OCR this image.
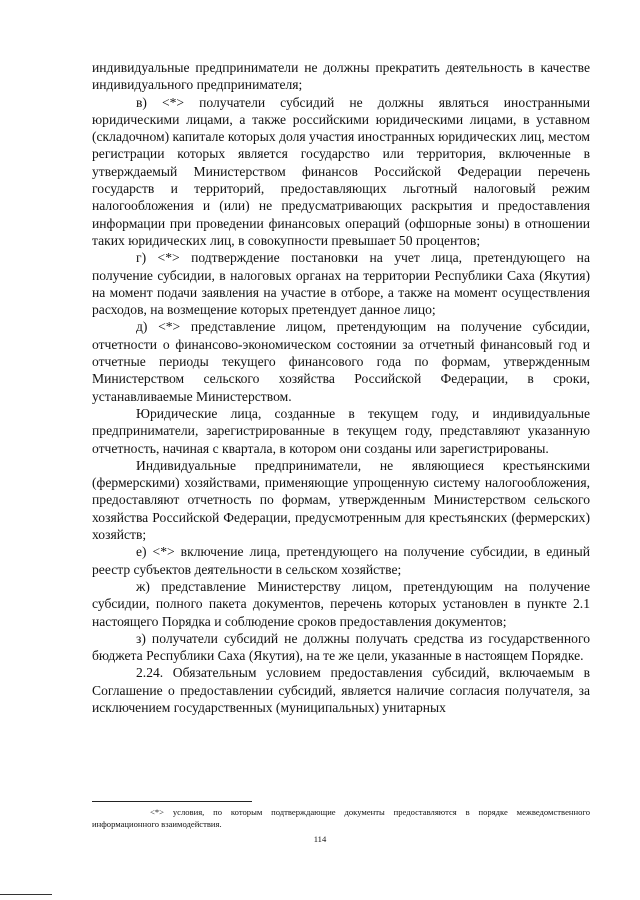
индивидуальные предприниматели не должны прекратить деятельность в качестве индивидуального предпринимателя;

в) <*> получатели субсидий не должны являться иностранными юридическими лицами, а также российскими юридическими лицами, в уставном (складочном) капитале которых доля участия иностранных юридических лиц, местом регистрации которых является государство или территория, включенные в утверждаемый Министерством финансов Российской Федерации перечень государств и территорий, предоставляющих льготный налоговый режим налогообложения и (или) не предусматривающих раскрытия и предоставления информации при проведении финансовых операций (офшорные зоны) в отношении таких юридических лиц, в совокупности превышает 50 процентов;

г) <*> подтверждение постановки на учет лица, претендующего на получение субсидии, в налоговых органах на территории Республики Саха (Якутия) на момент подачи заявления на участие в отборе, а также на момент осуществления расходов, на возмещение которых претендует данное лицо;

д) <*> представление лицом, претендующим на получение субсидии, отчетности о финансово-экономическом состоянии за отчетный финансовый год и отчетные периоды текущего финансового года по формам, утвержденным Министерством сельского хозяйства Российской Федерации, в сроки, устанавливаемые Министерством.

Юридические лица, созданные в текущем году, и индивидуальные предприниматели, зарегистрированные в текущем году, представляют указанную отчетность, начиная с квартала, в котором они созданы или зарегистрированы.

Индивидуальные предприниматели, не являющиеся крестьянскими (фермерскими) хозяйствами, применяющие упрощенную систему налогообложения, предоставляют отчетность по формам, утвержденным Министерством сельского хозяйства Российской Федерации, предусмотренным для крестьянских (фермерских) хозяйств;

е) <*> включение лица, претендующего на получение субсидии, в единый реестр субъектов деятельности в сельском хозяйстве;

ж) представление Министерству лицом, претендующим на получение субсидии, полного пакета документов, перечень которых установлен в пункте 2.1 настоящего Порядка и соблюдение сроков предоставления документов;

з) получатели субсидий не должны получать средства из государственного бюджета Республики Саха (Якутия), на те же цели, указанные в настоящем Порядке.

2.24. Обязательным условием предоставления субсидий, включаемым в Соглашение о предоставлении субсидий, является наличие согласия получателя, за исключением государственных (муниципальных) унитарных

<*> условия, по которым подтверждающие документы предоставляются в порядке межведомственного информационного взаимодействия.

114
